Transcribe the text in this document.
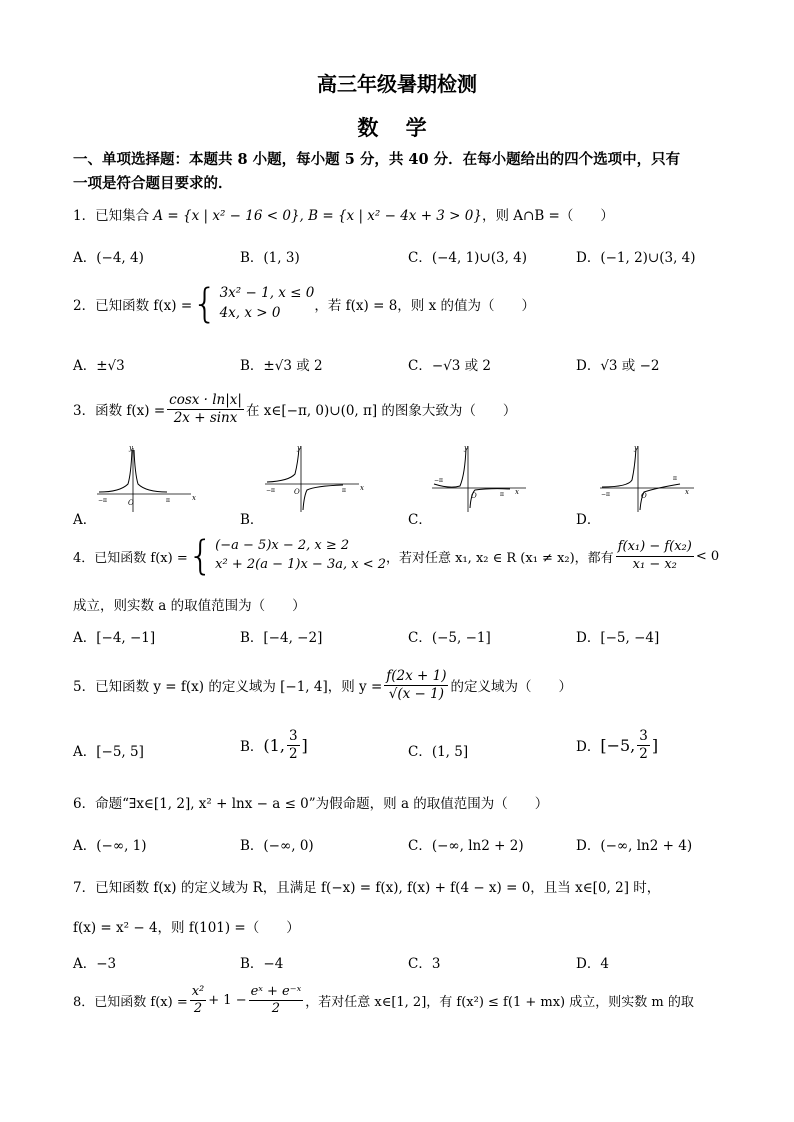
高三年级暑期检测
数 学
一、单项选择题：本题共 8 小题，每小题 5 分，共 40 分．在每小题给出的四个选项中，只有
一项是符合题目要求的．
1．已知集合 A = {x | x² − 16 < 0}, B = {x | x² − 4x + 3 > 0}，则 A∩B =（　　）
A．(−4, 4)	B．(1, 3)	C．(−4, 1)∪(3, 4)	D．(−1, 2)∪(3, 4)
2．已知函数 f(x) = { 3x² − 1, x ≤ 0
4x, x > 0	，若 f(x) = 8，则 x 的值为（　　）
A．±√3	B．±√3 或 2	C．−√3 或 2	D．√3 或 −2
3．函数 $f(x) = \frac{\cos x \cdot \ln|x|}{2x + \sin x}$ 在 x∈[−π, 0)∪(0, π] 的图象大致为（　　）
y
x
O
−π	π
y
x
O
−π	π
y
x
O
−π
π
y
x
O
−π
π
A．	B．	C．	D．
4．已知函数 f(x) = { (−a − 5)x − 2, x ≥ 2
x² + 2(a − 1)x − 3a, x < 2 ，若对任意 x₁, x₂ ∈ R (x₁ ≠ x₂)，都有 $\frac{\text{f(x₁) − f(x₂)}}{\text{x₁ − x₂}} < 0$
成立，则实数 a 的取值范围为（　　）
A．[−4, −1]	B．[−4, −2]	C．(−5, −1]	D．[−5, −4]
5．已知函数 y = f(x) 的定义域为 [−1, 4]，则 $y = \frac{f(2x + 1)}{√(x - 1)}$ 的定义域为（　　）
A．[−5, 5]	B． (1, $\frac{3}{2}$ ]	C．(1, 5]	D． [−5, $\frac{3}{2}$ ]
6．命题“∃x∈[1, 2], x² + lnx − a ≤ 0”为假命题，则 a 的取值范围为（　　）
A．(−∞, 1)	B．(−∞, 0)	C．(−∞, ln2 + 2)	D．(−∞, ln2 + 4)
7．已知函数 f(x) 的定义域为 R，且满足 f(−x) = f(x), f(x) + f(4 − x) = 0，且当 x∈[0, 2] 时，
f(x) = x² − 4，则 f(101) =（　　）
A．−3	B．−4	C．3	D．4
8．已知函数 $f(x) = \frac{\text{x²}}{2} + 1 - \frac{\text{eˣ + e⁻ˣ}}{2}$ ，若对任意 x∈[1, 2]，有 f(x²) ≤ f(1 + mx) 成立，则实数 m 的取
